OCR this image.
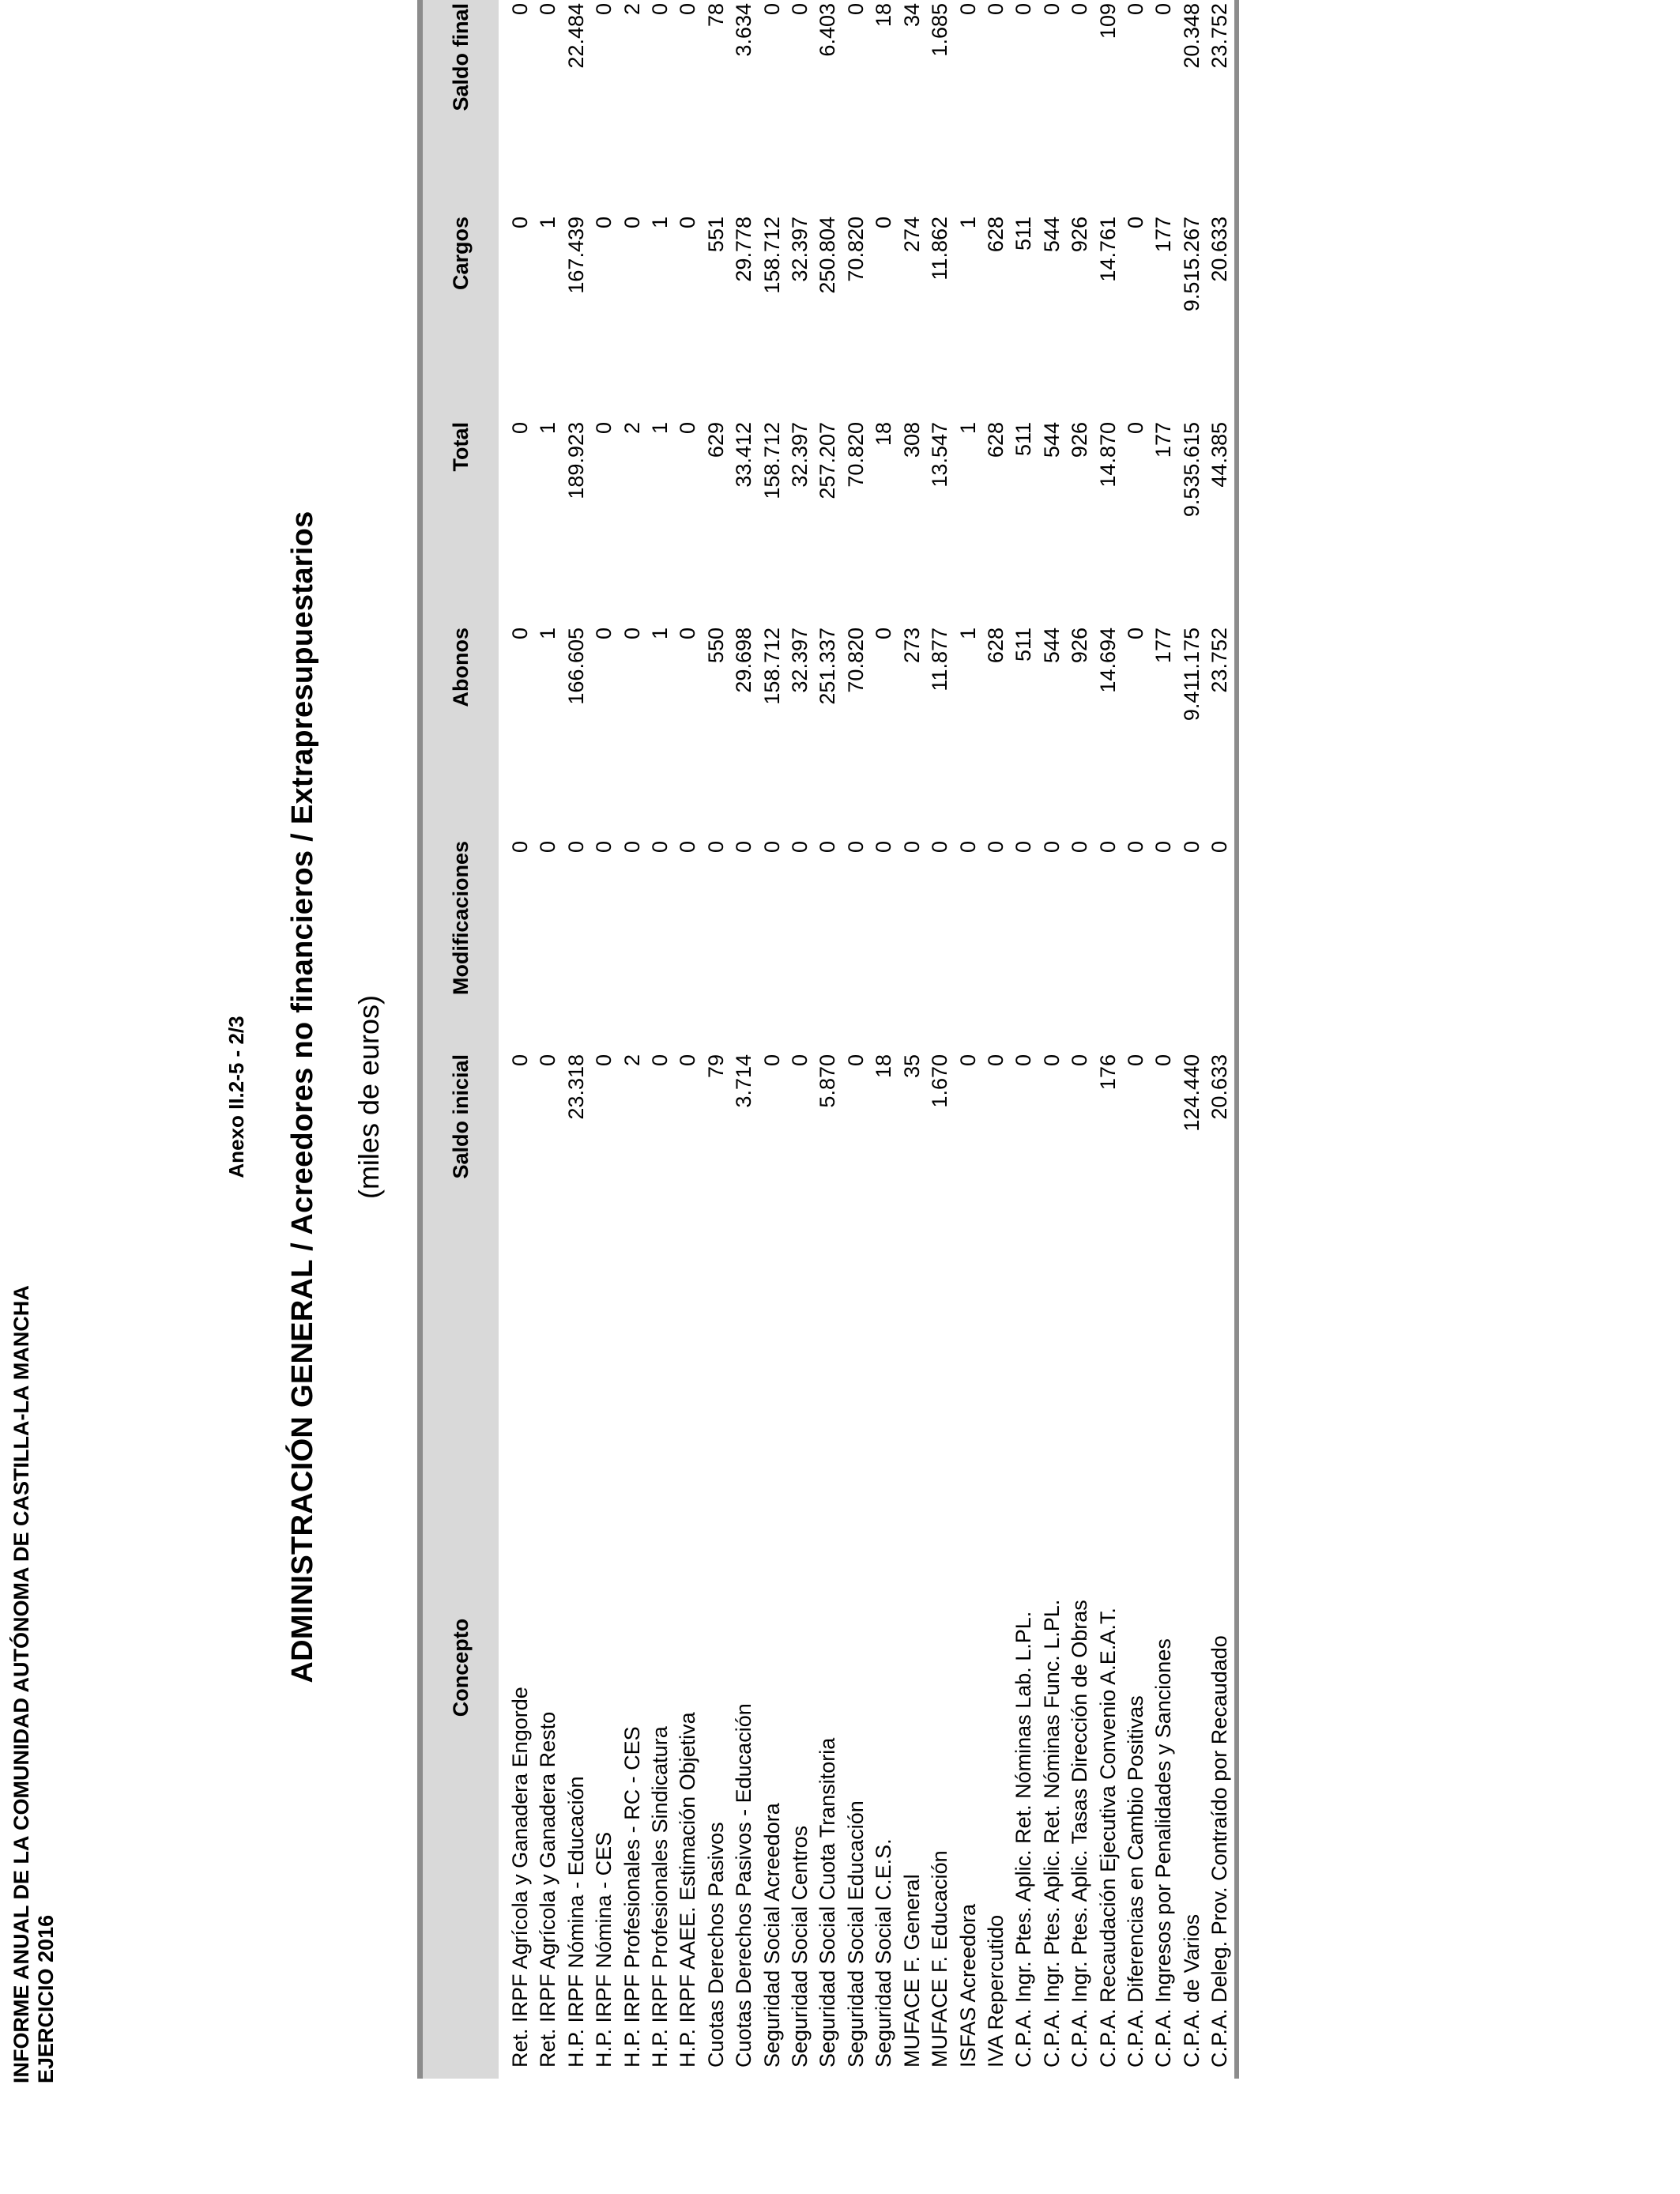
INFORME ANUAL DE LA COMUNIDAD AUTÓNOMA DE CASTILLA-LA MANCHA EJERCICIO 2016
Anexo II.2-5 - 2/3 ADMINISTRACIÓN GENERAL / Acreedores no financieros / Extrapresupuestarios (miles de euros)
Concepto	Saldo inicial	Modificaciones	Abonos	Total	Cargos	Saldo final
Ret. IRPF Agrícola y Ganadera Engorde	0	0	0	0	0	0
Ret. IRPF Agrícola y Ganadera Resto	0	0	1	1	1	0
H.P. IRPF Nómina - Educación	23.318	0	166.605	189.923	167.439	22.484
H.P. IRPF Nómina - CES	0	0	0	0	0	0
H.P. IRPF Profesionales - RC - CES	2	0	0	2	0	2
H.P. IRPF Profesionales Sindicatura	0	0	1	1	1	0
H.P. IRPF AAEE. Estimación Objetiva	0	0	0	0	0	0
Cuotas Derechos Pasivos	79	0	550	629	551	78
Cuotas Derechos Pasivos - Educación	3.714	0	29.698	33.412	29.778	3.634
Seguridad Social Acreedora	0	0	158.712	158.712	158.712	0
Seguridad Social Centros	0	0	32.397	32.397	32.397	0
Seguridad Social Cuota Transitoria	5.870	0	251.337	257.207	250.804	6.403
Seguridad Social Educación	0	0	70.820	70.820	70.820	0
Seguridad Social C.E.S.	18	0	0	18	0	18
MUFACE F. General	35	0	273	308	274	34
MUFACE F. Educación	1.670	0	11.877	13.547	11.862	1.685
ISFAS Acreedora	0	0	1	1	1	0
IVA Repercutido	0	0	628	628	628	0
C.P.A. Ingr. Ptes. Aplic. Ret. Nóminas Lab. L.PL.	0	0	511	511	511	0
C.P.A. Ingr. Ptes. Aplic. Ret. Nóminas Func. L.PL.	0	0	544	544	544	0
C.P.A. Ingr. Ptes. Aplic. Tasas Dirección de Obras	0	0	926	926	926	0
C.P.A. Recaudación Ejecutiva Convenio A.E.A.T.	176	0	14.694	14.870	14.761	109
C.P.A. Diferencias en Cambio Positivas	0	0	0	0	0	0
C.P.A. Ingresos por Penalidades y Sanciones	0	0	177	177	177	0
C.P.A. de Varios	124.440	0	9.411.175	9.535.615	9.515.267	20.348
C.P.A. Deleg. Prov. Contraído por Recaudado	20.633	0	23.752	44.385	20.633	23.752
